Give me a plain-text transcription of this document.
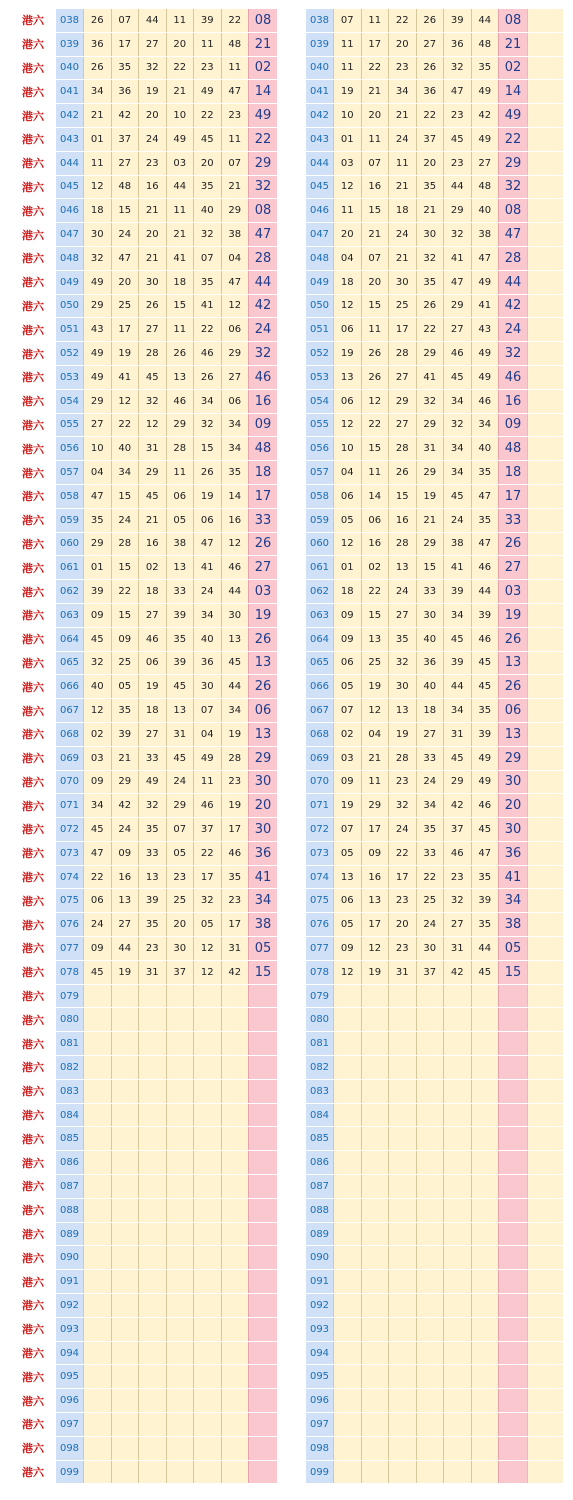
港六	038	26	07	44	11	39	22	08
港六	039	36	17	27	20	11	48	21
港六	040	26	35	32	22	23	11	02
港六	041	34	36	19	21	49	47	14
港六	042	21	42	20	10	22	23	49
港六	043	01	37	24	49	45	11	22
港六	044	11	27	23	03	20	07	29
港六	045	12	48	16	44	35	21	32
港六	046	18	15	21	11	40	29	08
港六	047	30	24	20	21	32	38	47
港六	048	32	47	21	41	07	04	28
港六	049	49	20	30	18	35	47	44
港六	050	29	25	26	15	41	12	42
港六	051	43	17	27	11	22	06	24
港六	052	49	19	28	26	46	29	32
港六	053	49	41	45	13	26	27	46
港六	054	29	12	32	46	34	06	16
港六	055	27	22	12	29	32	34	09
港六	056	10	40	31	28	15	34	48
港六	057	04	34	29	11	26	35	18
港六	058	47	15	45	06	19	14	17
港六	059	35	24	21	05	06	16	33
港六	060	29	28	16	38	47	12	26
港六	061	01	15	02	13	41	46	27
港六	062	39	22	18	33	24	44	03
港六	063	09	15	27	39	34	30	19
港六	064	45	09	46	35	40	13	26
港六	065	32	25	06	39	36	45	13
港六	066	40	05	19	45	30	44	26
港六	067	12	35	18	13	07	34	06
港六	068	02	39	27	31	04	19	13
港六	069	03	21	33	45	49	28	29
港六	070	09	29	49	24	11	23	30
港六	071	34	42	32	29	46	19	20
港六	072	45	24	35	07	37	17	30
港六	073	47	09	33	05	22	46	36
港六	074	22	16	13	23	17	35	41
港六	075	06	13	39	25	32	23	34
港六	076	24	27	35	20	05	17	38
港六	077	09	44	23	30	12	31	05
港六	078	45	19	31	37	12	42	15
港六	079
港六	080
港六	081
港六	082
港六	083
港六	084
港六	085
港六	086
港六	087
港六	088
港六	089
港六	090
港六	091
港六	092
港六	093
港六	094
港六	095
港六	096
港六	097
港六	098
港六	099
038	07	11	22	26	39	44	08
039	11	17	20	27	36	48	21
040	11	22	23	26	32	35	02
041	19	21	34	36	47	49	14
042	10	20	21	22	23	42	49
043	01	11	24	37	45	49	22
044	03	07	11	20	23	27	29
045	12	16	21	35	44	48	32
046	11	15	18	21	29	40	08
047	20	21	24	30	32	38	47
048	04	07	21	32	41	47	28
049	18	20	30	35	47	49	44
050	12	15	25	26	29	41	42
051	06	11	17	22	27	43	24
052	19	26	28	29	46	49	32
053	13	26	27	41	45	49	46
054	06	12	29	32	34	46	16
055	12	22	27	29	32	34	09
056	10	15	28	31	34	40	48
057	04	11	26	29	34	35	18
058	06	14	15	19	45	47	17
059	05	06	16	21	24	35	33
060	12	16	28	29	38	47	26
061	01	02	13	15	41	46	27
062	18	22	24	33	39	44	03
063	09	15	27	30	34	39	19
064	09	13	35	40	45	46	26
065	06	25	32	36	39	45	13
066	05	19	30	40	44	45	26
067	07	12	13	18	34	35	06
068	02	04	19	27	31	39	13
069	03	21	28	33	45	49	29
070	09	11	23	24	29	49	30
071	19	29	32	34	42	46	20
072	07	17	24	35	37	45	30
073	05	09	22	33	46	47	36
074	13	16	17	22	23	35	41
075	06	13	23	25	32	39	34
076	05	17	20	24	27	35	38
077	09	12	23	30	31	44	05
078	12	19	31	37	42	45	15
079
080
081
082
083
084
085
086
087
088
089
090
091
092
093
094
095
096
097
098
099
